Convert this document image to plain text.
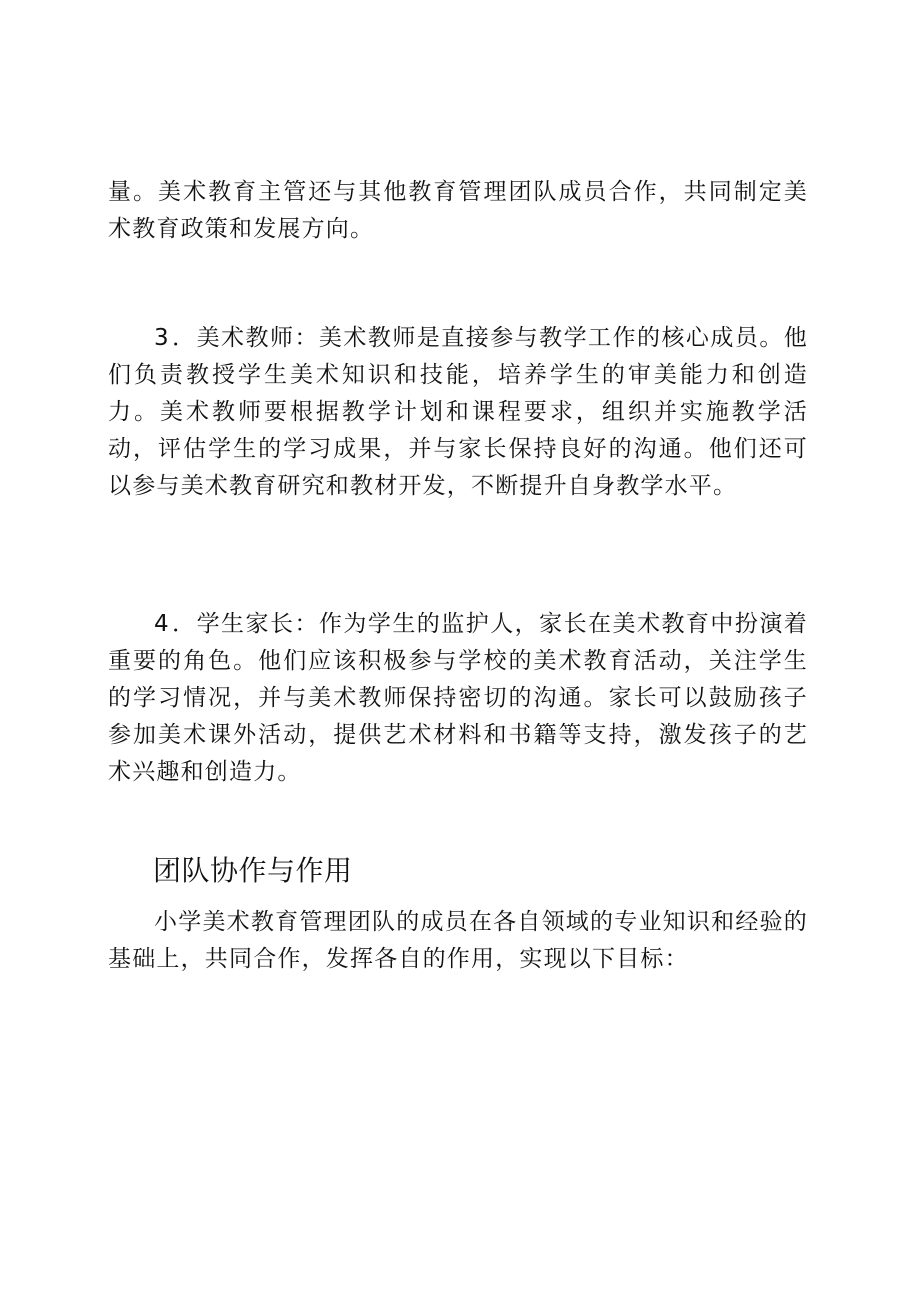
量。美术教育主管还与其他教育管理团队成员合作，共同制定美术教育政策和发展方向。

3．美术教师：美术教师是直接参与教学工作的核心成员。他们负责教授学生美术知识和技能，培养学生的审美能力和创造力。美术教师要根据教学计划和课程要求，组织并实施教学活动，评估学生的学习成果，并与家长保持良好的沟通。他们还可以参与美术教育研究和教材开发，不断提升自身教学水平。

4．学生家长：作为学生的监护人，家长在美术教育中扮演着重要的角色。他们应该积极参与学校的美术教育活动，关注学生的学习情况，并与美术教师保持密切的沟通。家长可以鼓励孩子参加美术课外活动，提供艺术材料和书籍等支持，激发孩子的艺术兴趣和创造力。

团队协作与作用

小学美术教育管理团队的成员在各自领域的专业知识和经验的基础上，共同合作，发挥各自的作用，实现以下目标：
